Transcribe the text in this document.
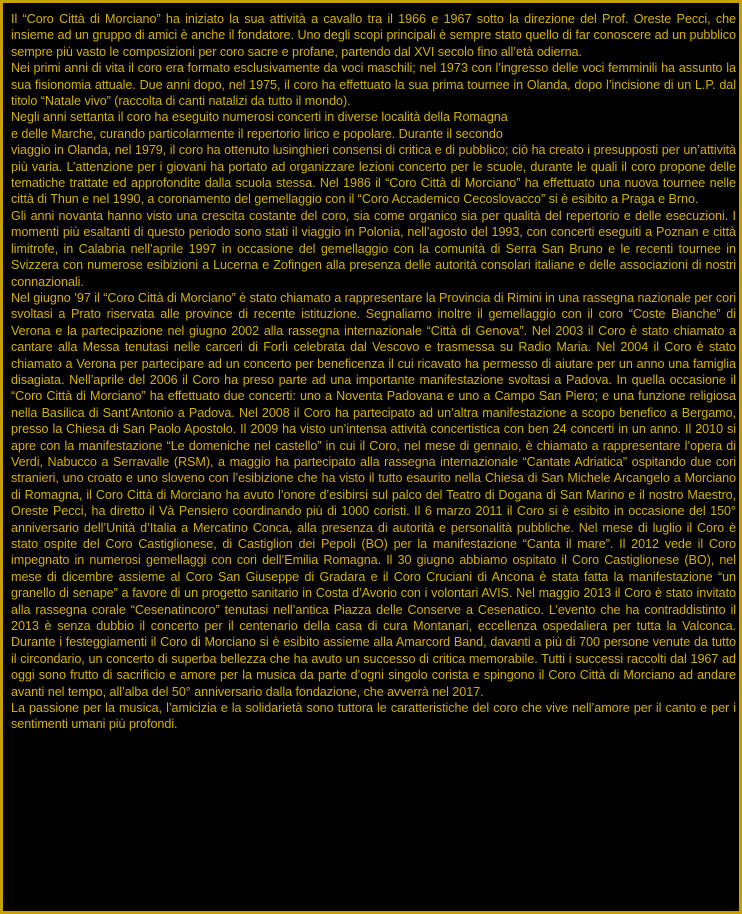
Il “Coro Città di Morciano” ha iniziato la sua attività a cavallo tra il 1966 e 1967 sotto la direzione del Prof. Oreste Pecci, che insieme ad un gruppo di amici è anche il fondatore. Uno degli scopi principali è sempre stato quello di far conoscere ad un pubblico sempre più vasto le composizioni per coro sacre e profane, partendo dal XVI secolo fino all’età odierna.

Nei primi anni di vita il coro era formato esclusivamente da voci maschili; nel 1973 con l’ingresso delle voci femminili ha assunto la sua fisionomia attuale. Due anni dopo, nel 1975, il coro ha effettuato la sua prima tournee in Olanda, dopo l’incisione di un L.P. dal titolo “Natale vivo” (raccolta di canti natalizi da tutto il mondo).

Negli anni settanta il coro ha eseguito numerosi concerti in diverse località della Romagna

e delle Marche, curando particolarmente il repertorio lirico e popolare. Durante il secondo

viaggio in Olanda, nel 1979, il coro ha ottenuto lusinghieri consensi di critica e di pubblico; ciò ha creato i presupposti per un’attività più varia. L’attenzione per i giovani ha portato ad organizzare lezioni concerto per le scuole, durante le quali il coro propone delle tematiche trattate ed approfondite dalla scuola stessa. Nel 1986 il “Coro Città di Morciano” ha effettuato una nuova tournee nelle città di Thun e nel 1990, a coronamento del gemellaggio con il “Coro Accademico Cecoslovacco” si è esibito a Praga e Brno.

Gli anni novanta hanno visto una crescita costante del coro, sia come organico sia per qualità del repertorio e delle esecuzioni. I momenti più esaltanti di questo periodo sono stati il viaggio in Polonia, nell’agosto del 1993, con concerti eseguiti a Poznan e città limitrofe, in Calabria nell’aprile 1997 in occasione del gemellaggio con la comunità di Serra San Bruno e le recenti tournee in Svizzera con numerose esibizioni a Lucerna e Zofingen alla presenza delle autorità consolari italiane e delle associazioni di nostri connazionali.

Nel giugno ’97 il “Coro Città di Morciano” è stato chiamato a rappresentare la Provincia di Rimini in una rassegna nazionale per cori svoltasi a Prato riservata alle province di recente istituzione. Segnaliamo inoltre il gemellaggio con il coro “Coste Bianche” di Verona e la partecipazione nel giugno 2002 alla rassegna internazionale “Città di Genova”. Nel 2003 il Coro è stato chiamato a cantare alla Messa tenutasi nelle carceri di Forlì celebrata dal Vescovo e trasmessa su Radio Maria. Nel 2004 il Coro è stato chiamato a Verona per partecipare ad un concerto per beneficenza il cui ricavato ha permesso di aiutare per un anno una famiglia disagiata. Nell’aprile del 2006 il Coro ha preso parte ad una importante manifestazione svoltasi a Padova. In quella occasione il “Coro Città di Morciano” ha effettuato due concerti: uno a Noventa Padovana e uno a Campo San Piero; e una funzione religiosa nella Basilica di Sant’Antonio a Padova. Nel 2008 il Coro ha partecipato ad un’altra manifestazione a scopo benefico a Bergamo, presso la Chiesa di San Paolo Apostolo. Il 2009 ha visto un’intensa attività concertistica con ben 24 concerti in un anno. Il 2010 si apre con la manifestazione “Le domeniche nel castello” in cui il Coro, nel mese di gennaio, è chiamato a rappresentare l’opera di Verdi, Nabucco a Serravalle (RSM), a maggio ha partecipato alla rassegna internazionale “Cantate Adriatica” ospitando due cori stranieri, uno croato e uno sloveno con l’esibizione che ha visto il tutto esaurito nella Chiesa di San Michele Arcangelo a Morciano di Romagna, il Coro Città di Morciano ha avuto l’onore d’esibirsi sul palco del Teatro di Dogana di San Marino e il nostro Maestro, Oreste Pecci, ha diretto il Và Pensiero coordinando più di 1000 coristi. Il 6 marzo 2011 il Coro si è esibito in occasione del 150° anniversario dell’Unità d’Italia a Mercatino Conca, alla presenza di autorità e personalità pubbliche. Nel mese di luglio il Coro è stato ospite del Coro Castiglionese, di Castiglion dei Pepoli (BO) per la manifestazione “Canta il mare”. Il 2012 vede il Coro impegnato in numerosi gemellaggi con cori dell’Emilia Romagna. Il 30 giugno abbiamo ospitato il Coro Castiglionese (BO), nel mese di dicembre assieme al Coro San Giuseppe di Gradara e il Coro Cruciani di Ancona è stata fatta la manifestazione “un granello di senape” a favore di un progetto sanitario in Costa d’Avorio con i volontari AVIS. Nel maggio 2013 il Coro è stato invitato alla rassegna corale “Cesenatincoro” tenutasi nell’antica Piazza delle Conserve a Cesenatico. L’evento che ha contraddistinto il 2013 è senza dubbio il concerto per il centenario della casa di cura Montanari, eccellenza ospedaliera per tutta la Valconca. Durante i festeggiamenti il Coro di Morciano si è esibito assieme alla Amarcord Band, davanti a più di 700 persone venute da tutto il circondario, un concerto di superba bellezza che ha avuto un successo di critica memorabile. Tutti i successi raccolti dal 1967 ad oggi sono frutto di sacrificio e amore per la musica da parte d’ogni singolo corista e spingono il Coro Città di Morciano ad andare avanti nel tempo, all’alba del 50° anniversario dalla fondazione, che avverrà nel 2017.

La passione per la musica, l’amicizia e la solidarietà sono tuttora le caratteristiche del coro che vive nell’amore per il canto e per i sentimenti umani più profondi.
